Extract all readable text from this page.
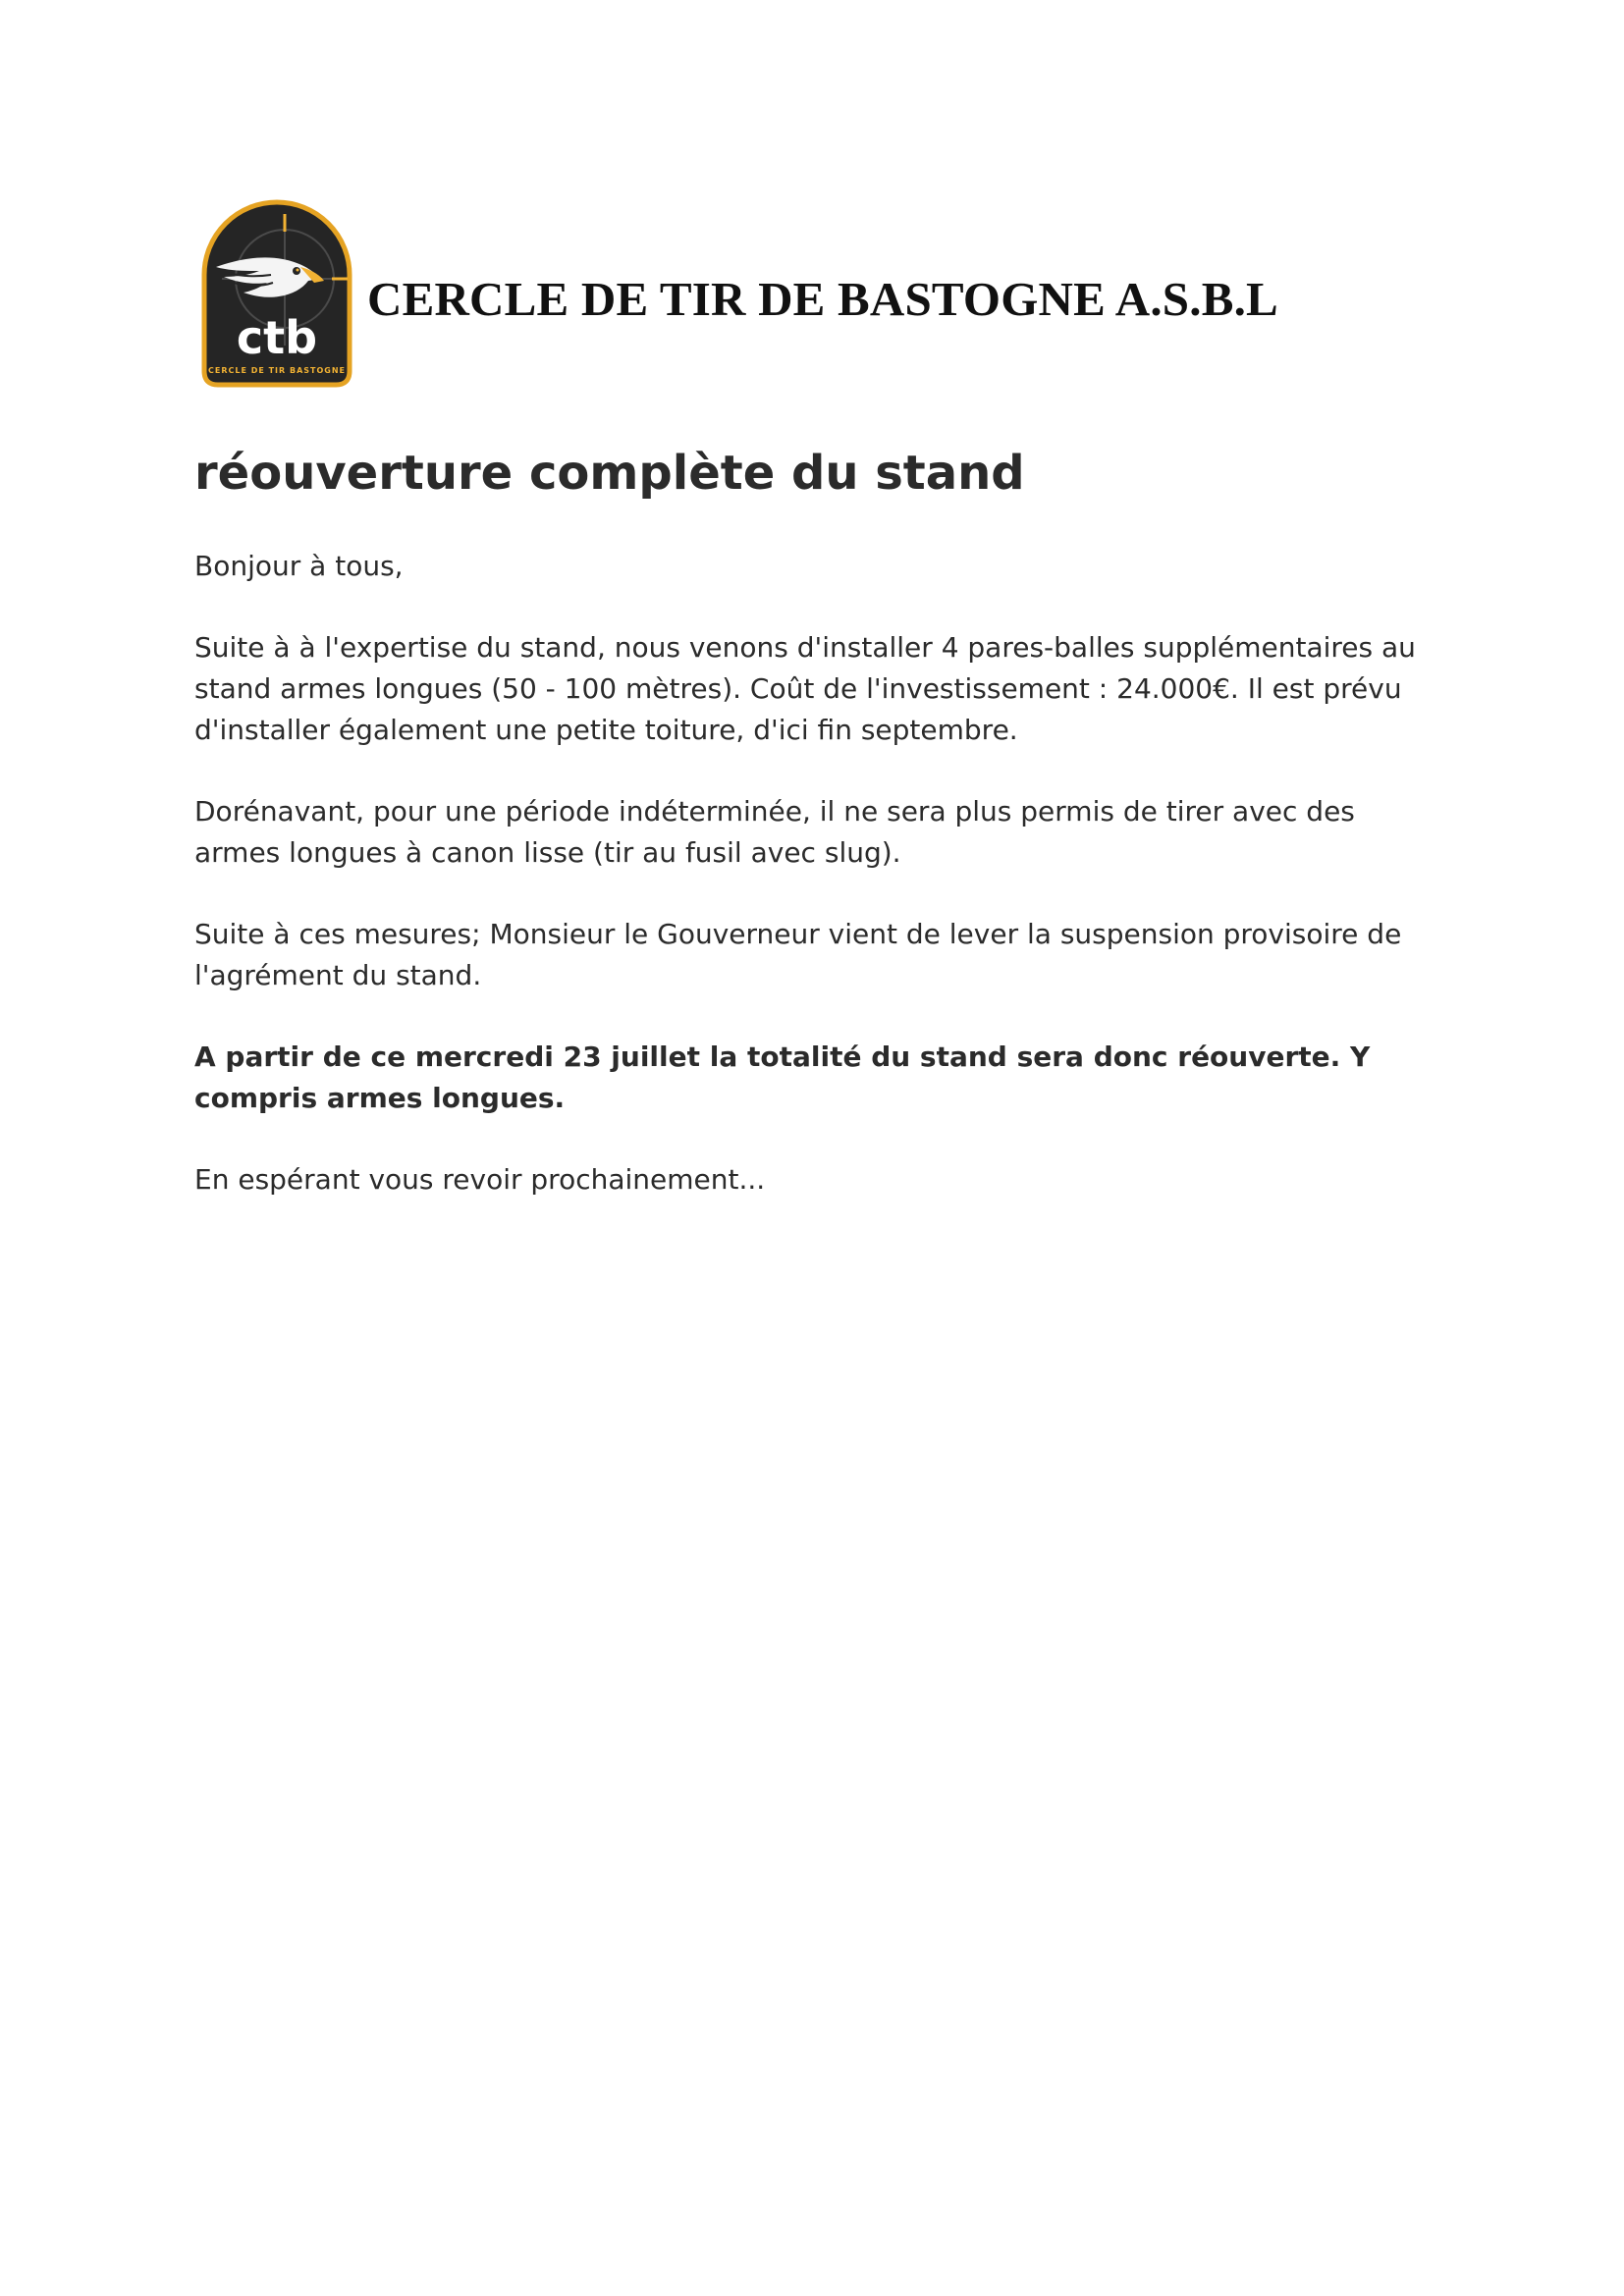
ctb
CERCLE DE TIR BASTOGNE
CERCLE DE TIR DE BASTOGNE A.S.B.L
réouverture complète du stand

Bonjour à tous,

Suite à à l'expertise du stand, nous venons d'installer 4 pares-balles supplémentaires au stand armes longues (50 - 100 mètres). Coût de l'investissement : 24.000€. Il est prévu d'installer également une petite toiture, d'ici fin septembre.

Dorénavant, pour une période indéterminée, il ne sera plus permis de tirer avec des armes longues à canon lisse (tir au fusil avec slug).

Suite à ces mesures; Monsieur le Gouverneur vient de lever la suspension provisoire de l'agrément du stand.

A partir de ce mercredi 23 juillet la totalité du stand sera donc réouverte. Y compris armes longues.

En espérant vous revoir prochainement...
